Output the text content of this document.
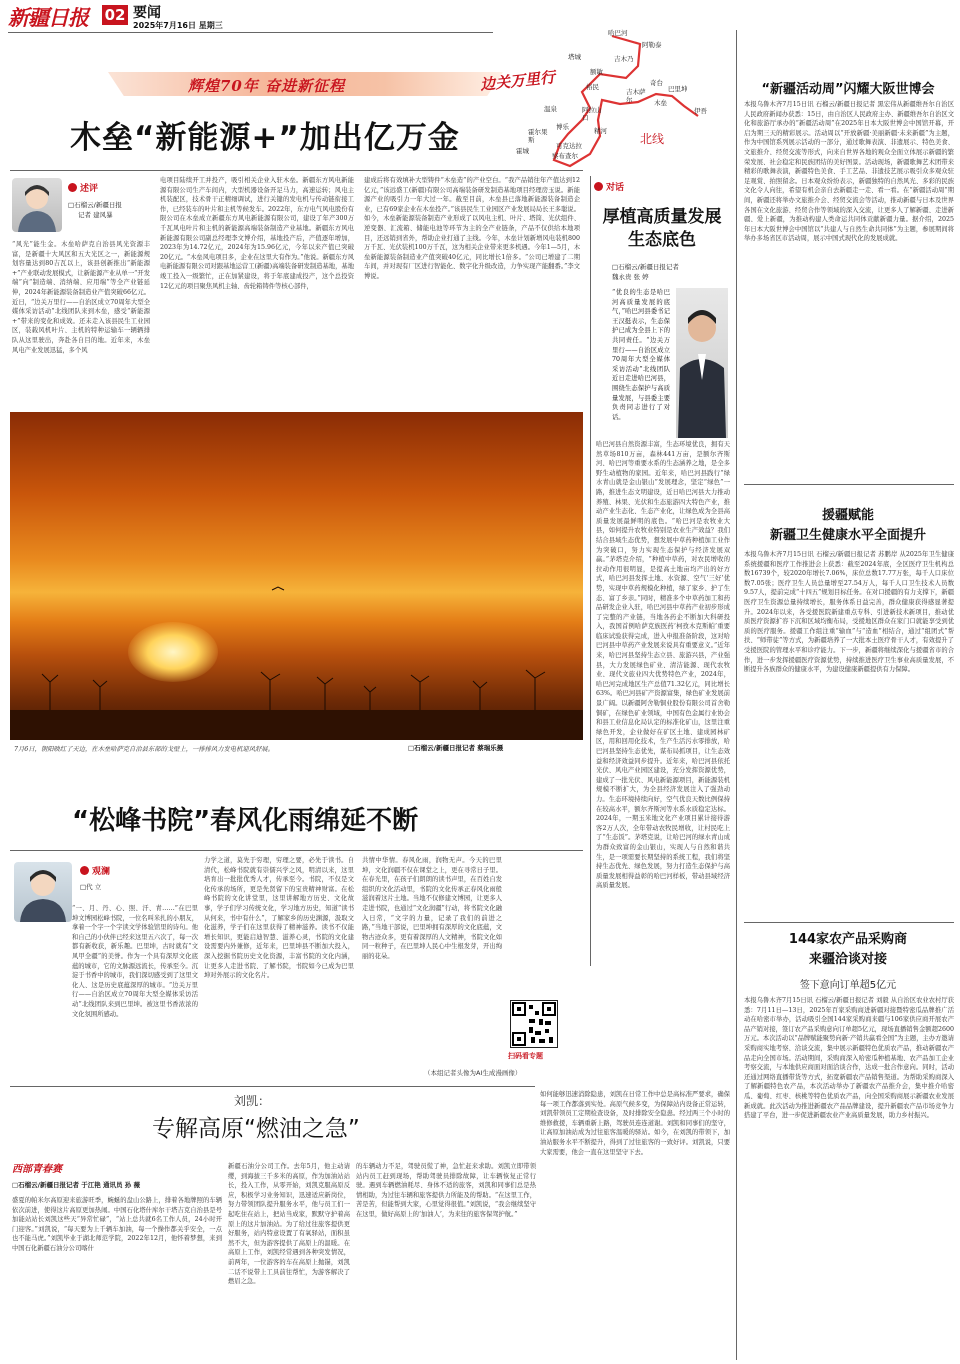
新疆日报 02 要闻
2025年7月16日 星期三
辉煌70年 奋进新征程	边关万里行
哈巴河
阿勒泰
吉木乃
塔城
额敏
裕民	奇台
巴里坤
伊吾
木垒
吉木萨尔
阿拉山口
温泉
博乐
霍尔果斯
精河
霍城
察布查尔
可克达拉	北线
木垒“新能源+”加出亿万金
述评
□石榴云/新疆日报
记者 建风暴

“风光”能生金。木垒哈萨克自治县风光资源丰富，是新疆十大风区和五大光区之一，新能源规划容量达到80吉瓦以上，该县创新推出“新能源+”产业联动发展模式，让新能源产业从单一“开发端”向“制造端、消纳端、应用端”等全产业链延伸，2024年新能源装备制造业产值突破66亿元。近日，“边关万里行——自治区成立70周年大型全媒体采访活动”北线团队来到木垒，感受“新能源+”带来的变化和成效。还未走入该县民生工业园区，装载风机叶片、主机的特种运输车一辆辆排队从这里驶出，奔赴各自目的地。近年来，木垒风电产业发展迅猛，多个风

电项目陆续开工并投产，吸引相关企业入驻木垒。新疆东方风电新能源有限公司生产车间内，大型机器设备开足马力，高速运转；风电主机装配区，技术骨干正精细调试，进行关键的发电机与传动链衔接工作，已经装车的叶片和主机等候发车。2022年，东方电气风电股份有限公司在木垒成立新疆东方风电新能源有限公司，建设了年产300万千瓦风电叶片和主机的新能源高端装备制造产业基地。新疆东方风电新能源有限公司副总经理李文博介绍，基地投产后，产值逐年增加，2023年为14.72亿元，2024年为15.96亿元，今年以来产值已突破20亿元。“木垒风电项目多，企业在这里大有作为。”他说。新疆东方风电新能源有限公司对跟基地运营工(新疆)高端装备研发制造基地，基地竣工投入一级繁忙，正在加紧建设，将于年底建成投产，这个总投资12亿元的项目聚焦风机主轴、齿轮箱铸件等核心部件，

建成后将有效填补大型铸件“木垒造”的产业空白。“我产品销往年产值达到12亿元，”该远盛工(新疆)有限公司高端装备研发制造基地项目经理房玉说。新能源产业的吸引力一年大过一年。截至目前，木垒县已落地新能源装备制造企业，已有69家企业在木垒投产。”该县民生工业园区产业发展局局长王多聪说。如今，木垒新能源装备制造产业形成了以风电主机、叶片、塔筒、光伏组件、逆变器、汇流箱、储能电池等环节为主的全产业链条，产品不仅供给本地项目，还远销到省外，帮助企业打通了主线。今年，木垒计划新增风电装机800万千瓦、光伏装机100万千瓦，这为相关企业带来更多机遇。今年1—5月，木垒新能源装备制造业产值突破40亿元，同比增长1倍多。“公司已增建了二期车间，并对现有厂区进行智能化、数字化升级改造，力争实现产能翻番。”李文博说。

7月6日，朝阳映红了天边，在木垒哈萨克自治县东部的戈壁上，一排排风力发电机迎风舒展。	□石榴云/新疆日报记者 蔡瑞乐摄
对话
厚植高质量发展生态底色
□石榴云/新疆日报记者
魏永贵 张 婷

“优良的生态是哈巴河高质量发展的底气，”哈巴河县委书记王汉挺表示，生态保护已成为全县上下的共同责任。“边关万里行——自治区成立70周年大型全媒体采访活动”北线团队近日走进哈巴河县，围绕生态保护与高质量发展，与县委主要负责同志进行了对话。

哈巴河县自然资源丰富，生态环境优良，拥有天然草场810万亩，森林441万亩，是额尔齐斯河、哈巴河等重要水系的生态涵养之地，是全多野生动植物的家园。近年来，哈巴河县践行“绿水青山就是金山银山”发展理念，坚定“绿色”一路，推进生态文明建设，近日哈巴河县大力推动养殖、林果、光伏和生态旅游四大特色产业，推动产业生态化、生态产业化，让绿色成为全县高质量发展最鲜明的底色。“哈巴河是农牧业大县，如何提升农牧业特别是农业生产效益？我们结合县域生态优势，想发展中草药种植加工业作为突破口，努力实现生态保护与经济发展双赢。”茅塔克介绍，“种植中草药，对农民增收的拉动作用很明显，是提高土地亩均产出的好方式，哈巴河县发挥土地、水资源、空气‘三好’优势，实现中草药规模化种植，绿了家乡、护了生态、富了乡亲。”同时，精准多个中草药加工和药品研发企业入驻，哈巴河县中草药产业初步形成了完整的产业链，当地各药企不断加大科研投入，我国首例哈萨克族医药‘柯孜木克斯帕’重要临床试验获得完成，进入申报准备阶段，这对哈巴河县中草药产业发展来说具有重要意义。”近年来，哈巴河县坚持生态立县、旅游兴县，产业强县，大力发展绿色矿业、清洁能源、现代农牧业、现代文旅业四大优势特色产业，2024年，哈巴河完成地区生产总值71.32亿元，同比增长63%。哈巴河县矿产资源富集，绿色矿业发展前景广阔。以新疆阿舍勒铜业股份有限公司首舍勒铜矿，在绿色矿业领域，中国有色金属行业协会和县工业信息化局认定的标准化矿山，这里注重绿色开发，企业做好在矿区土地、建成园林矿区，用和回用化技术，生产生活污水零排放，哈巴河县坚持生态优先，谋布局抓项目，让生态效益和经济效益同步提升。近年来，哈巴河县依托光伏、风电产业园区建设，充分发挥资源优势，建成了一批光伏、风电新能源项目，新能源装机规模不断扩大，为全县经济发展注入了强劲动力。生态环境持续向好，空气优良天数比例保持在较高水平，额尔齐斯河等水系水质稳定达标。2024年，一期玉米地文化产业项目累计接待游客2万人次，全年带动农牧民增收，让村民吃上了“生态饭”。茅塔克说，让哈巴河的绿水青山成为群众致富的金山银山，实现人与自然和谐共生，是一项需要长期坚持的系统工程，我们将坚持生态优先、绿色发展，努力打造生态保护与高质量发展相得益彰的哈巴河样板，带动县域经济高质量发展。

“松峰书院”春风化雨绵延不断
观澜
□代 立

“一、月、丹、心、照、汗、青……”在巴里坤文博园松峰书院，一位名叫米扎的小朋友，拿着一个字一个字读文学体验馆里的诗句。他和自己的小伙伴已经来这里五六次了，每一次都有新收获，新乐趣。巴里坤，古时就有“文风甲全疆”的美誉。作为一个具有深厚文化底蕴的城市，它的文脉源远流长，传承至今。沉淀于书香中的城市，我们深切感受到了这里文化人、这是历史底蕴深厚的城市。“边关万里行——自治区成立70周年大型全媒体采访活动”北线团队来到巴里坤。被这里书香浓浓的文化氛围所感动。

力学之道，莫先于穷理，穷理之要，必先于读书。自清代，松峰书院就有崇儒兴学之风，明清以来，这里培育出一批批优秀人才，传承至今。书院，不仅是文化传承的场所，更是先贤留下的宝贵精神财富。在松峰书院的文化讲堂里，这里讲解地方历史、文化故事，学子们学习传统文化，学习地方历史，知道“读书从何来，书中有什么”，了解家乡的历史渊源，汲取文化滋养，学子们在这里获得了精神滋养。读书不仅能增长知识，更能启迪智慧、滋养心灵，书院的文化建设需要内外兼修，近年来，巴里坤县不断加大投入，深入挖掘书院历史文化资源，丰富书院的文化内涵，让更多人走进书院、了解书院，书院如今已成为巴里坤对外展示的文化名片。

共情中华情。春风化雨，润物无声。今天的巴里坤，文化润疆不仅在课堂之上，更在寻常日子里。在春光里，在孩子们朗朗的读书声里，在百姓自发组织的文化活动里，书院的文化传承正春风化雨般滋润着这片土地。当地不仅修建文博园，让更多人走进书院，也通过“文化润疆”行动，将书院文化融入日常，“文字的力量，记录了我们的前进之路，”当地干部说，巴里坤拥有深厚的文化底蕴，文物古迹众多，更有着深厚的人文精神，书院文化如同一粒种子，在巴里坤人民心中生根发芽，开出绚丽的花朵。

扫码看专题
（本组记者头像为AI生成漫画像）
刘凯：
专解高原“燃油之急”
西部青春赛
□石榴云/新疆日报记者 于江艳 通讯员 孙 薇

盛夏的帕米尔高原迎来旅游旺季，蜿蜒的盘山公路上，排着各地牌照的车辆依次前进，使得这片高原更加热闹。中国石化塔什库尔干塔吉克自治县是号加能站站长刘凯这些天“异常忙碌”，“站上总共就6名工作人员，24小时开门迎客。”刘凯说，“每天要为上千辆车加油，每一个操作都关乎安全，一点也不能马虎。”刘凯毕业于湖北师范学院，2022年12月，他怀着梦想，来到中国石化新疆石油分公司喀什

新疆石油分公司工作。去年5月，他主动请缨，到海拔三千多米的高原，作为加油站站长，投入工作，从零开始，刘凯克服高原反应，积极学习业务知识，迅速适应新岗位，努力带领团队提升服务水平，他与员工们一起吃住在站上，把站当成家，默默守护着高原上的这片加油站。为了给过往旅客提供更好服务，站内特意设置了有氧驿站，面积虽然不大，但为游客提供了高原上的温暖。在高原上工作，刘凯经常遇到各种突发情况，前两年，一位游客的车在高原上抛锚，刘凯二话不说带上工具前往帮忙，为游客解决了燃眉之急。

的车辆动力不足，驾驶员慌了神，急忙赶来求助。刘凯立即带领站内员工赶到现场，帮助驾驶员排除故障，让车辆恢复正常行驶。遇到车辆燃油耗尽、身体不适的旅客，刘凯和同事们总是热情相助，为过往车辆和旅客提供力所能及的帮助。“在这里工作，苦是苦，但能帮到大家，心里觉得很值。”刘凯说，“我会继续坚守在这里，做好高原上的‘加油人’，为来往的旅客保驾护航。”

如何能够迅速消除隐患，刘凯在日常工作中总是高标准严要求，确保每一项工作都落到实处。高原气候多变，为保障站内设备正常运转，刘凯带领员工定期检查设备，及时排除安全隐患。经过两三个小时的维修救援，车辆重新上路，驾驶员连连道谢。刘凯和同事们的坚守，让高原加油站成为过往旅客温暖的驿站。如今，在刘凯的带领下，加油站服务水平不断提升，得到了过往旅客的一致好评。刘凯说，只要大家需要，他会一直在这里坚守下去。

“新疆活动周”闪耀大阪世博会

本报乌鲁木齐7月15日讯 石榴云/新疆日报记者 黑宏伟从新疆维吾尔自治区人民政府新闻办获悉：15日，由自治区人民政府主办、新疆维吾尔自治区文化和旅游厅承办的“新疆活动周”在2025年日本大阪世博会中国馆开幕，开启为期三天的精彩展示。活动周以“开放新疆·美丽新疆·未来新疆”为主题，作为中国馆系列展示活动的一部分，通过歌舞表演、非遗展示、特色美食、文旅推介、经贸交流等形式，向来自世界各地的观众全面立体展示新疆的繁荣发展、社会稳定和民族团结的美好图景。活动现场，新疆歌舞艺术团带来精彩的歌舞表演，新疆特色美食、手工艺品、非遗技艺展示吸引众多观众驻足观赏、拍照留念。日本观众纷纷表示，新疆独特的自然风光、多彩的民族文化令人向往，希望有机会亲自去新疆走一走、看一看。在“新疆活动周”期间，新疆还将举办文旅推介会、经贸交流会等活动，推动新疆与日本及世界各国在文化旅游、经贸合作等领域的深入交流，让更多人了解新疆、走进新疆、爱上新疆，为推动构建人类命运共同体贡献新疆力量。据介绍，2025年日本大阪世博会中国馆以“共建人与自然生命共同体”为主题，参展期间将举办多场省区市活动周，展示中国式现代化的发展成就。

援疆赋能
新疆卫生健康水平全面提升

本报乌鲁木齐7月15日讯 石榴云/新疆日报记者 苏鹏岸 从2025年卫生健康系统援疆和医疗工作推进会上获悉：截至2024年底，全区医疗卫生机构总数16739个，较2020年增长7.06%，床位总数17.77万张，每千人口床位数7.05张；医疗卫生人员总量增至27.54万人，每千人口卫生技术人员数9.57人，提前完成“十四五”规划目标任务。在对口援疆的有力支撑下，新疆医疗卫生资源总量持续增长，服务体系日益完善，群众健康获得感显著提升。2024年以来，各受援医院新建重点专科、引进新技术新项目，推动优质医疗资源扩容下沉和区域均衡布局，受援地区群众在家门口就能享受到优质的医疗服务。援疆工作组注重“输血”与“造血”相结合，通过“组团式”帮扶、“师带徒”等方式，为新疆培养了一大批本土医疗骨干人才，有效提升了受援医院的管理水平和诊疗能力。下一步，新疆将继续深化与援疆省市的合作，进一步发挥援疆医疗资源优势，持续推进医疗卫生事业高质量发展，不断提升各族群众的健康水平，为建设健康新疆提供有力保障。

144家农产品采购商
来疆洽谈对接
签下意向订单超5亿元

本报乌鲁木齐7月15日讯 石榴云/新疆日报记者 刘毅 从自治区农业农村厅获悉：7月11日—13日，2025年百家采购商进新疆对接暨特密瓜品牌推广活动在哈密市举办，活动吸引全国144家采购商来疆与106家供应商开展农产品产销对接，签订农产品采购意向订单超5亿元，现场直播销售金额超2600万元。本次活动以“品牌赋能聚势向新·产销共赢看全国”为主题，主办方邀请采购商实地考察、洽谈交流，集中展示新疆特色优质农产品，推动新疆农产品走向全国市场。活动期间，采购商深入哈密瓜种植基地、农产品加工企业考察交流，与本地供应商面对面洽谈合作，达成一批合作意向。同时，活动还通过网络直播带货等方式，拓宽新疆农产品销售渠道。为帮助采购商深入了解新疆特色农产品，本次活动举办了新疆农产品推介会，集中推介哈密瓜、葡萄、红枣、核桃等特色优质农产品，向全国采购商展示新疆农业发展新成就。此次活动为推进新疆农产品品牌建设，提升新疆农产品市场竞争力搭建了平台，进一步促进新疆农业产业高质量发展，助力乡村振兴。
